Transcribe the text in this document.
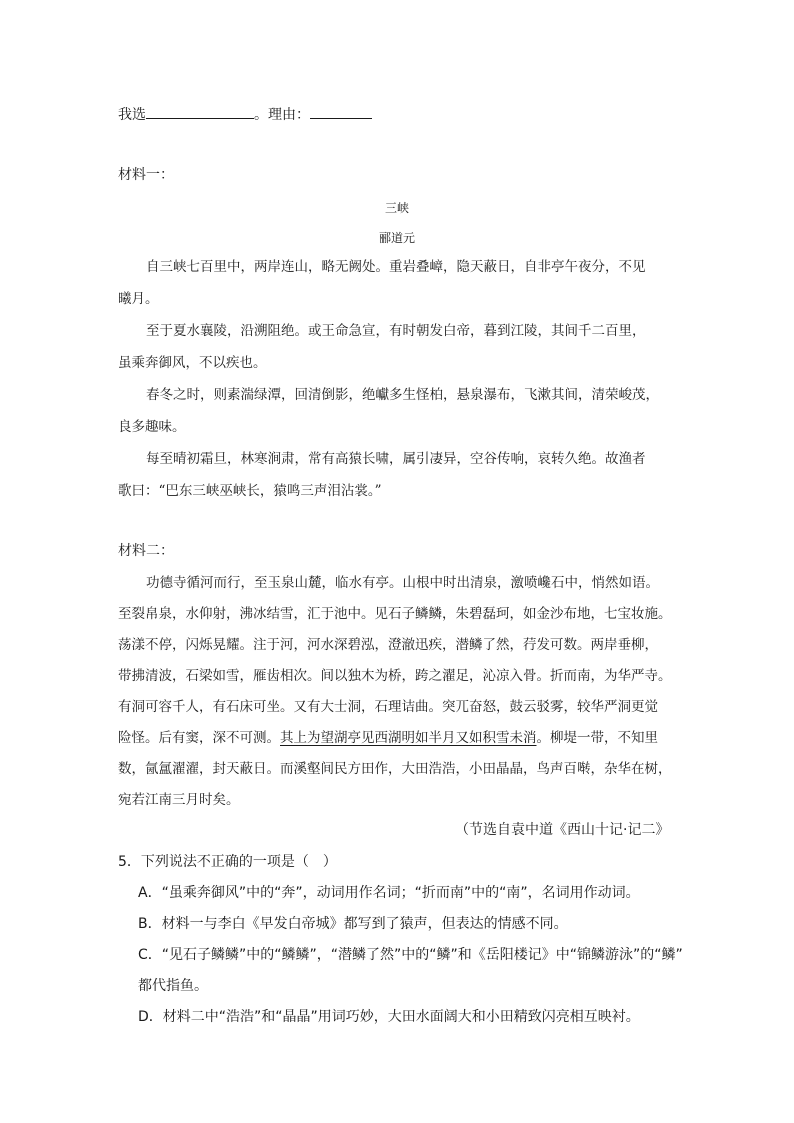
我选	。理由：
材料一：
三峡
郦道元
自三峡七百里中，两岸连山，略无阙处。重岩叠嶂，隐天蔽日，自非亭午夜分，不见
曦月。
至于夏水襄陵，沿溯阻绝。或王命急宣，有时朝发白帝，暮到江陵，其间千二百里，
虽乘奔御风，不以疾也。
春冬之时，则素湍绿潭，回清倒影，绝巘多生怪柏，悬泉瀑布，飞漱其间，清荣峻茂，
良多趣味。
每至晴初霜旦，林寒涧肃，常有高猿长啸，属引凄异，空谷传响，哀转久绝。故渔者
歌曰：“巴东三峡巫峡长，猿鸣三声泪沾裳。”
材料二：
功德寺循河而行，至玉泉山麓，临水有亭。山根中时出清泉，激喷巉石中，悄然如语。
至裂帛泉，水仰射，沸冰结雪，汇于池中。见石子鳞鳞，朱碧磊珂，如金沙布地，七宝妆施。
荡漾不停，闪烁晃耀。注于河，河水深碧泓，澄澈迅疾，潜鳞了然，荇发可数。两岸垂柳，
带拂清波，石梁如雪，雁齿相次。间以独木为桥，跨之濯足，沁凉入骨。折而南，为华严寺。
有洞可容千人，有石床可坐。又有大士洞，石理诘曲。突兀奋怒，鼓云驳雾，较华严洞更觉
险怪。后有窦，深不可测。其上为望湖亭见西湖明如半月又如积雪未消。柳堤一带，不知里
数，氤氲濯濯，封天蔽日。而溪壑间民方田作，大田浩浩，小田晶晶，鸟声百啭，杂华在树，
宛若江南三月时矣。
（节选自袁中道《西山十记·记二》
5．下列说法不正确的一项是（　）
A．“虽乘奔御风”中的“奔”，动词用作名词；“折而南”中的“南”，名词用作动词。
B．材料一与李白《早发白帝城》都写到了猿声，但表达的情感不同。
C．“见石子鳞鳞”中的“鳞鳞”，“潜鳞了然”中的“鳞”和《岳阳楼记》中“锦鳞游泳”的“鳞”
都代指鱼。
D．材料二中“浩浩”和“晶晶”用词巧妙，大田水面阔大和小田精致闪亮相互映衬。
